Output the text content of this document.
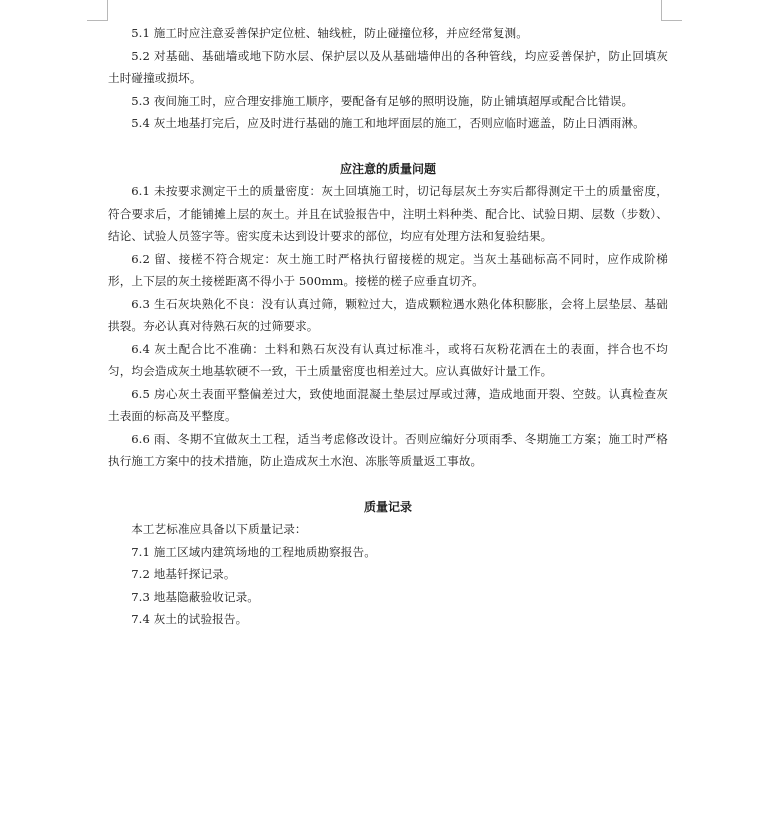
5.1 施工时应注意妥善保护定位桩、轴线桩，防止碰撞位移，并应经常复测。

5.2 对基础、基础墙或地下防水层、保护层以及从基础墙伸出的各种管线，均应妥善保护，防止回填灰土时碰撞或损坏。

5.3 夜间施工时，应合理安排施工顺序，要配备有足够的照明设施，防止铺填超厚或配合比错误。

5.4 灰土地基打完后，应及时进行基础的施工和地坪面层的施工，否则应临时遮盖，防止日洒雨淋。

应注意的质量问题

6.1 未按要求测定干土的质量密度：灰土回填施工时，切记每层灰土夯实后都得测定干土的质量密度，符合要求后，才能铺摊上层的灰土。并且在试验报告中，注明土料种类、配合比、试验日期、层数（步数）、结论、试验人员签字等。密实度未达到设计要求的部位，均应有处理方法和复验结果。

6.2 留、接槎不符合规定：灰土施工时严格执行留接槎的规定。当灰土基础标高不同时，应作成阶梯形，上下层的灰土接槎距离不得小于 500mm。接槎的槎子应垂直切齐。

6.3 生石灰块熟化不良：没有认真过筛，颗粒过大，造成颗粒遇水熟化体积膨胀，会将上层垫层、基础拱裂。夯必认真对待熟石灰的过筛要求。

6.4 灰土配合比不准确：土料和熟石灰没有认真过标准斗，或将石灰粉花洒在土的表面，拌合也不均匀，均会造成灰土地基软硬不一致，干土质量密度也相差过大。应认真做好计量工作。

6.5 房心灰土表面平整偏差过大，致使地面混凝土垫层过厚或过薄，造成地面开裂、空鼓。认真检查灰土表面的标高及平整度。

6.6 雨、冬期不宜做灰土工程，适当考虑修改设计。否则应编好分项雨季、冬期施工方案；施工时严格执行施工方案中的技术措施，防止造成灰土水泡、冻胀等质量返工事故。

质量记录

本工艺标准应具备以下质量记录：

7.1 施工区域内建筑场地的工程地质勘察报告。

7.2 地基钎探记录。

7.3 地基隐蔽验收记录。

7.4 灰土的试验报告。
